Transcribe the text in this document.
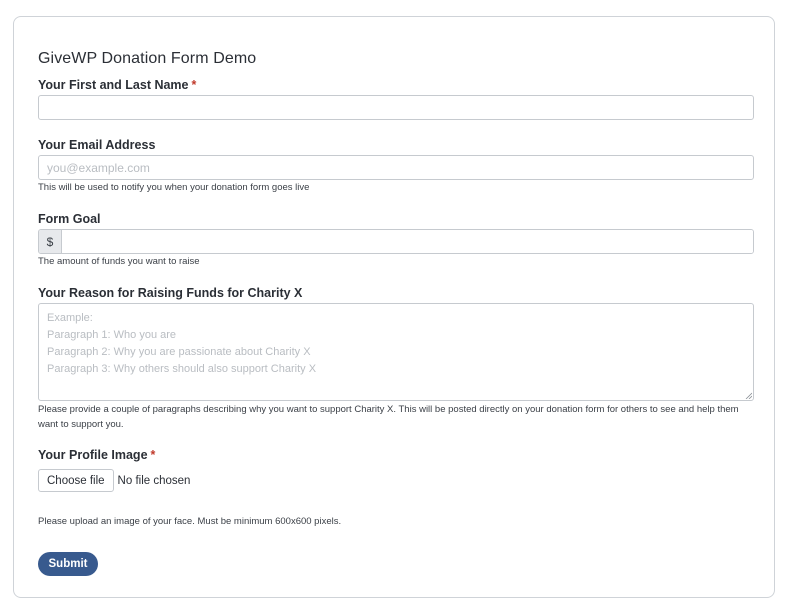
GiveWP Donation Form Demo
Your First and Last Name *
Your Email Address
you@example.com
This will be used to notify you when your donation form goes live
Form Goal
$
The amount of funds you want to raise
Your Reason for Raising Funds for Charity X
Example: Paragraph 1: Who you are Paragraph 2: Why you are passionate about Charity X Paragraph 3: Why others should also support Charity X
Please provide a couple of paragraphs describing why you want to support Charity X. This will be posted directly on your donation form for others to see and help them want to support you.
Your Profile Image *
Choose file	No file chosen
Please upload an image of your face. Must be minimum 600x600 pixels.
Submit
